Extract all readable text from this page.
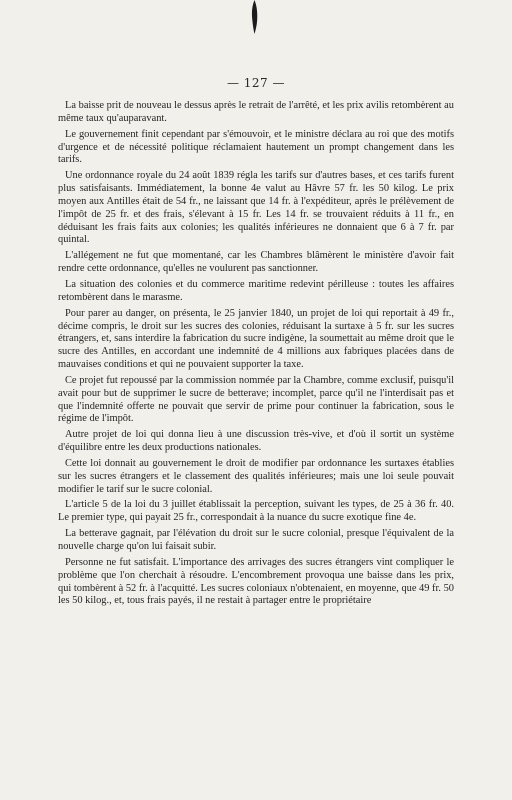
— 127 —

La baisse prit de nouveau le dessus après le retrait de l'arrêté, et les prix avilis retombèrent au même taux qu'auparavant.

Le gouvernement finit cependant par s'émouvoir, et le ministre déclara au roi que des motifs d'urgence et de nécessité politique réclamaient hautement un prompt changement dans les tarifs.

Une ordonnance royale du 24 août 1839 régla les tarifs sur d'autres bases, et ces tarifs furent plus satisfaisants. Immédiatement, la bonne 4e valut au Hâvre 57 fr. les 50 kilog. Le prix moyen aux Antilles était de 54 fr., ne laissant que 14 fr. à l'expéditeur, après le prélèvement de l'impôt de 25 fr. et des frais, s'élevant à 15 fr. Les 14 fr. se trouvaient réduits à 11 fr., en déduisant les frais faits aux colonies; les qualités inférieures ne donnaient que 6 à 7 fr. par quintal.

L'allégement ne fut que momentané, car les Chambres blâmèrent le ministère d'avoir fait rendre cette ordonnance, qu'elles ne voulurent pas sanctionner.

La situation des colonies et du commerce maritime redevint périlleuse : toutes les affaires retombèrent dans le marasme.

Pour parer au danger, on présenta, le 25 janvier 1840, un projet de loi qui reportait à 49 fr., décime compris, le droit sur les sucres des colonies, réduisant la surtaxe à 5 fr. sur les sucres étrangers, et, sans interdire la fabrication du sucre indigène, la soumettait au même droit que le sucre des Antilles, en accordant une indemnité de 4 millions aux fabriques placées dans de mauvaises conditions et qui ne pouvaient supporter la taxe.

Ce projet fut repoussé par la commission nommée par la Chambre, comme exclusif, puisqu'il avait pour but de supprimer le sucre de betterave; incomplet, parce qu'il ne l'interdisait pas et que l'indemnité offerte ne pouvait que servir de prime pour continuer la fabrication, sous le régime de l'impôt.

Autre projet de loi qui donna lieu à une discussion très-vive, et d'où il sortit un système d'équilibre entre les deux productions nationales.

Cette loi donnait au gouvernement le droit de modifier par ordonnance les surtaxes établies sur les sucres étrangers et le classement des qualités inférieures; mais une loi seule pouvait modifier le tarif sur le sucre colonial.

L'article 5 de la loi du 3 juillet établissait la perception, suivant les types, de 25 à 36 fr. 40. Le premier type, qui payait 25 fr., correspondait à la nuance du sucre exotique fine 4e.

La betterave gagnait, par l'élévation du droit sur le sucre colonial, presque l'équivalent de la nouvelle charge qu'on lui faisait subir.

Personne ne fut satisfait. L'importance des arrivages des sucres étrangers vint compliquer le problème que l'on cherchait à résoudre. L'encombrement provoqua une baisse dans les prix, qui tombèrent à 52 fr. à l'acquitté. Les sucres coloniaux n'obtenaient, en moyenne, que 49 fr. 50 les 50 kilog., et, tous frais payés, il ne restait à partager entre le propriétaire
